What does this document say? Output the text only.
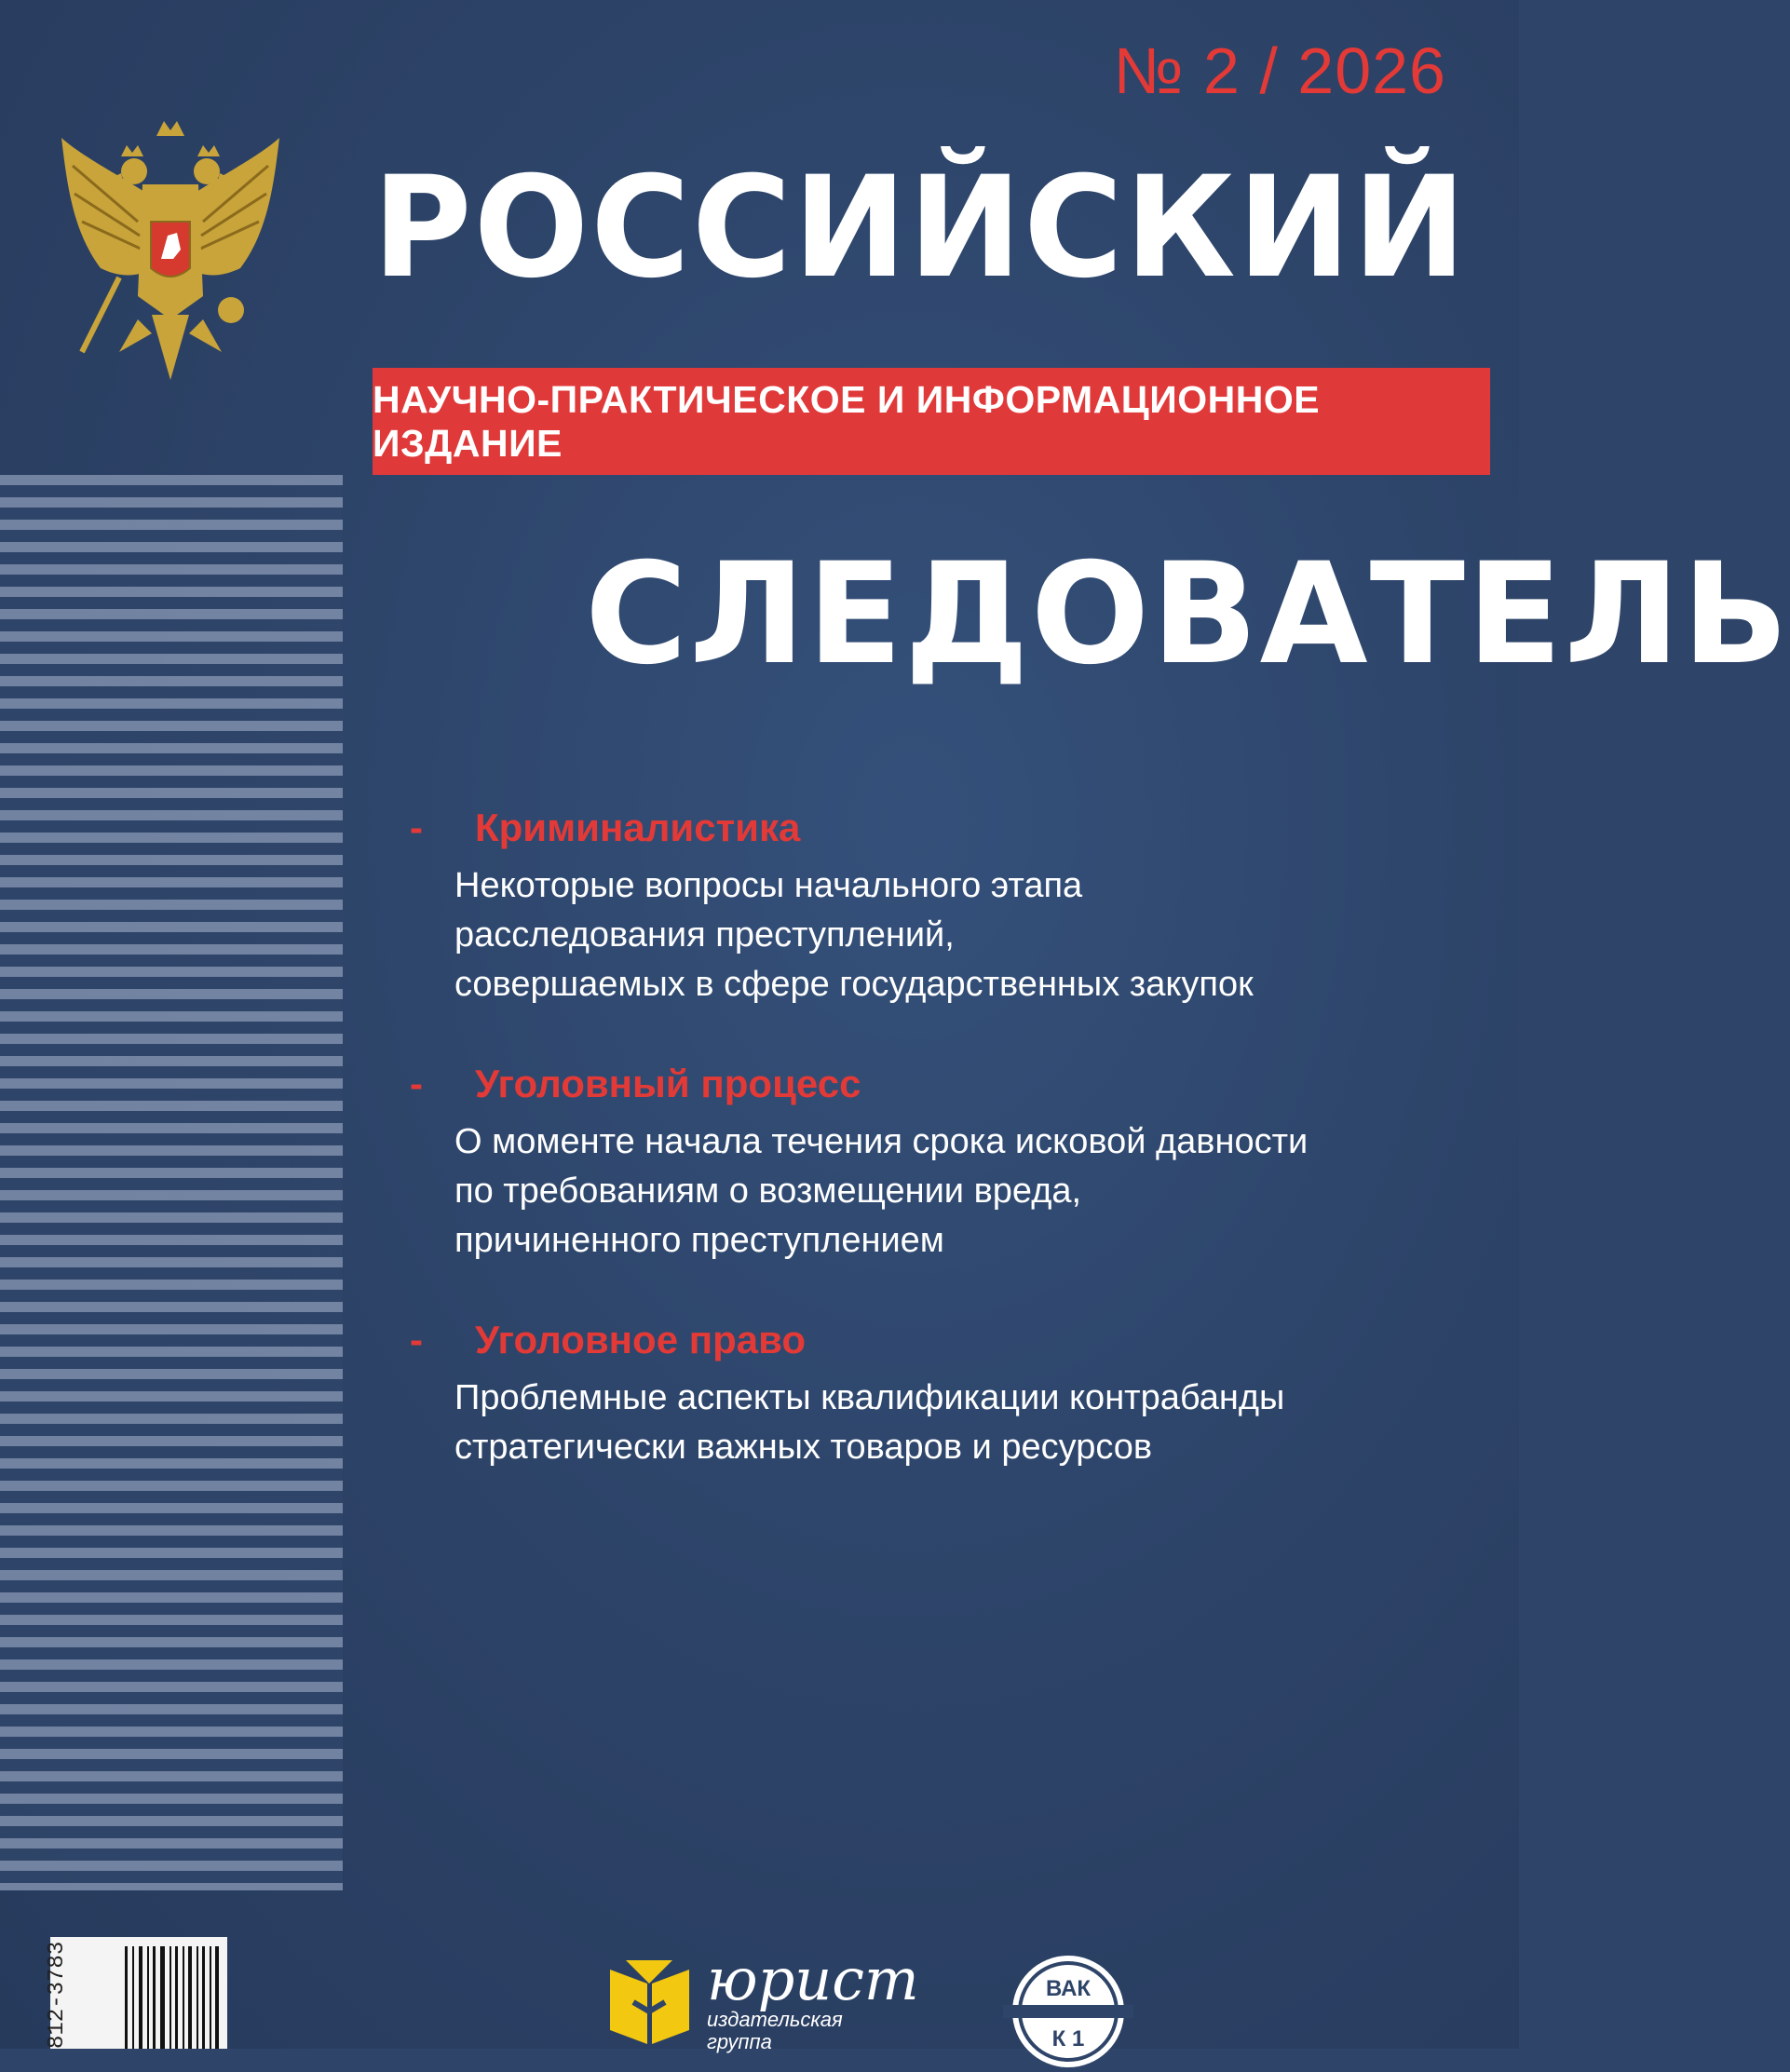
№ 2 / 2026
РОССИЙСКИЙ
НАУЧНО-ПРАКТИЧЕСКОЕ И ИНФОРМАЦИОННОЕ ИЗДАНИЕ
СЛЕДОВАТЕЛЬ
-	Криминалистика
Некоторые вопросы начального этапа
расследования преступлений,
совершаемых в сфере государственных закупок
-	Уголовный процесс
О моменте начала течения срока исковой давности
по требованиям о возмещении вреда,
причиненного преступлением
-	Уголовное право
Проблемные аспекты квалификации контрабанды
стратегически важных товаров и ресурсов
812-3783	юрист
издательская
группа
ВАК
К 1
